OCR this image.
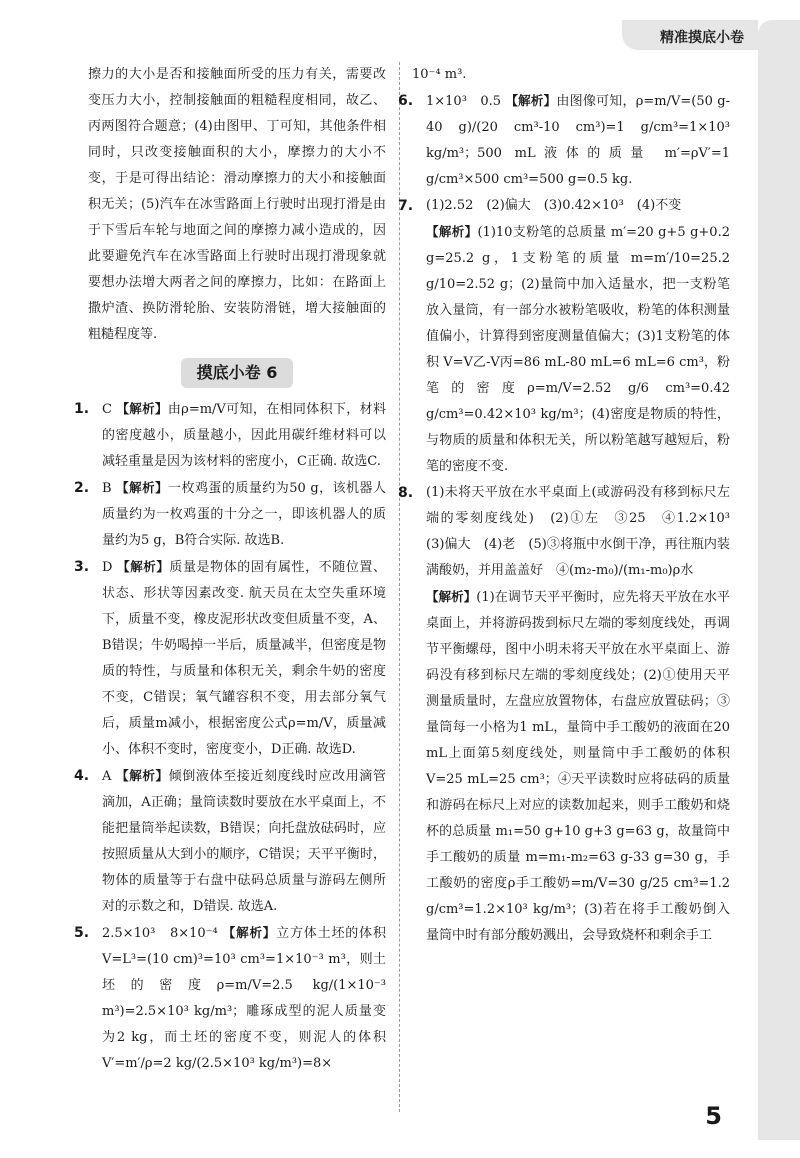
精准摸底小卷

擦力的大小是否和接触面所受的压力有关，需要改变压力大小，控制接触面的粗糙程度相同，故乙、丙两图符合题意；(4)由图甲、丁可知，其他条件相同时，只改变接触面积的大小，摩擦力的大小不变，于是可得出结论：滑动摩擦力的大小和接触面积无关；(5)汽车在冰雪路面上行驶时出现打滑是由于下雪后车轮与地面之间的摩擦力减小造成的，因此要避免汽车在冰雪路面上行驶时出现打滑现象就要想办法增大两者之间的摩擦力，比如：在路面上撒炉渣、换防滑轮胎、安装防滑链，增大接触面的粗糙程度等.

摸底小卷 6
1. C 【解析】由ρ=m/V可知，在相同体积下，材料的密度越小，质量越小，因此用碳纤维材料可以减轻重量是因为该材料的密度小，C正确. 故选C.
2. B 【解析】一枚鸡蛋的质量约为50 g，该机器人质量约为一枚鸡蛋的十分之一，即该机器人的质量约为5 g，B符合实际. 故选B.
3. D 【解析】质量是物体的固有属性，不随位置、状态、形状等因素改变. 航天员在太空失重环境下，质量不变，橡皮泥形状改变但质量不变，A、B错误；牛奶喝掉一半后，质量减半，但密度是物质的特性，与质量和体积无关，剩余牛奶的密度不变，C错误；氧气罐容积不变，用去部分氧气后，质量m减小，根据密度公式ρ=m/V，质量减小、体积不变时，密度变小，D正确. 故选D.
4. A 【解析】倾倒液体至接近刻度线时应改用滴管滴加，A正确；量筒读数时要放在水平桌面上，不能把量筒举起读数，B错误；向托盘放砝码时，应按照质量从大到小的顺序，C错误；天平平衡时，物体的质量等于右盘中砝码总质量与游码左侧所对的示数之和，D错误. 故选A.
5. 2.5×10³　8×10⁻⁴ 【解析】立方体土坯的体积 V=L³=(10 cm)³=10³ cm³=1×10⁻³ m³，则土坯的密度ρ=m/V=2.5 kg/(1×10⁻³ m³)=2.5×10³ kg/m³；雕琢成型的泥人质量变为2 kg，而土坯的密度不变，则泥人的体积 V′=m′/ρ=2 kg/(2.5×10³ kg/m³)=8×

10⁻⁴ m³.

6. 1×10³　0.5 【解析】由图像可知，ρ=m/V=(50 g-40 g)/(20 cm³-10 cm³)=1 g/cm³=1×10³ kg/m³；500 mL液体的质量 m′=ρV′=1 g/cm³×500 cm³=500 g=0.5 kg.
7. (1)2.52　(2)偏大　(3)0.42×10³　(4)不变
【解析】(1)10支粉笔的总质量 m′=20 g+5 g+0.2 g=25.2 g，1支粉笔的质量 m=m′/10=25.2 g/10=2.52 g；(2)量筒中加入适量水，把一支粉笔放入量筒，有一部分水被粉笔吸收，粉笔的体积测量值偏小，计算得到密度测量值偏大；(3)1支粉笔的体积 V=V乙-V丙=86 mL-80 mL=6 mL=6 cm³，粉笔的密度ρ=m/V=2.52 g/6 cm³=0.42 g/cm³=0.42×10³ kg/m³；(4)密度是物质的特性，与物质的质量和体积无关，所以粉笔越写越短后，粉笔的密度不变.
8. (1)未将天平放在水平桌面上(或游码没有移到标尺左端的零刻度线处)　(2)①左　③25　④1.2×10³　(3)偏大　(4)老　(5)③将瓶中水倒干净，再往瓶内装满酸奶，并用盖盖好　④(m₂-m₀)/(m₁-m₀)ρ水
【解析】(1)在调节天平平衡时，应先将天平放在水平桌面上，并将游码拨到标尺左端的零刻度线处，再调节平衡螺母，图中小明未将天平放在水平桌面上、游码没有移到标尺左端的零刻度线处；(2)①使用天平测量质量时，左盘应放置物体，右盘应放置砝码；③量筒每一小格为1 mL，量筒中手工酸奶的液面在20 mL上面第5刻度线处，则量筒中手工酸奶的体积 V=25 mL=25 cm³；④天平读数时应将砝码的质量和游码在标尺上对应的读数加起来，则手工酸奶和烧杯的总质量 m₁=50 g+10 g+3 g=63 g，故量筒中手工酸奶的质量 m=m₁-m₂=63 g-33 g=30 g，手工酸奶的密度ρ手工酸奶=m/V=30 g/25 cm³=1.2 g/cm³=1.2×10³ kg/m³；(3)若在将手工酸奶倒入量筒中时有部分酸奶溅出，会导致烧杯和剩余手工
5
